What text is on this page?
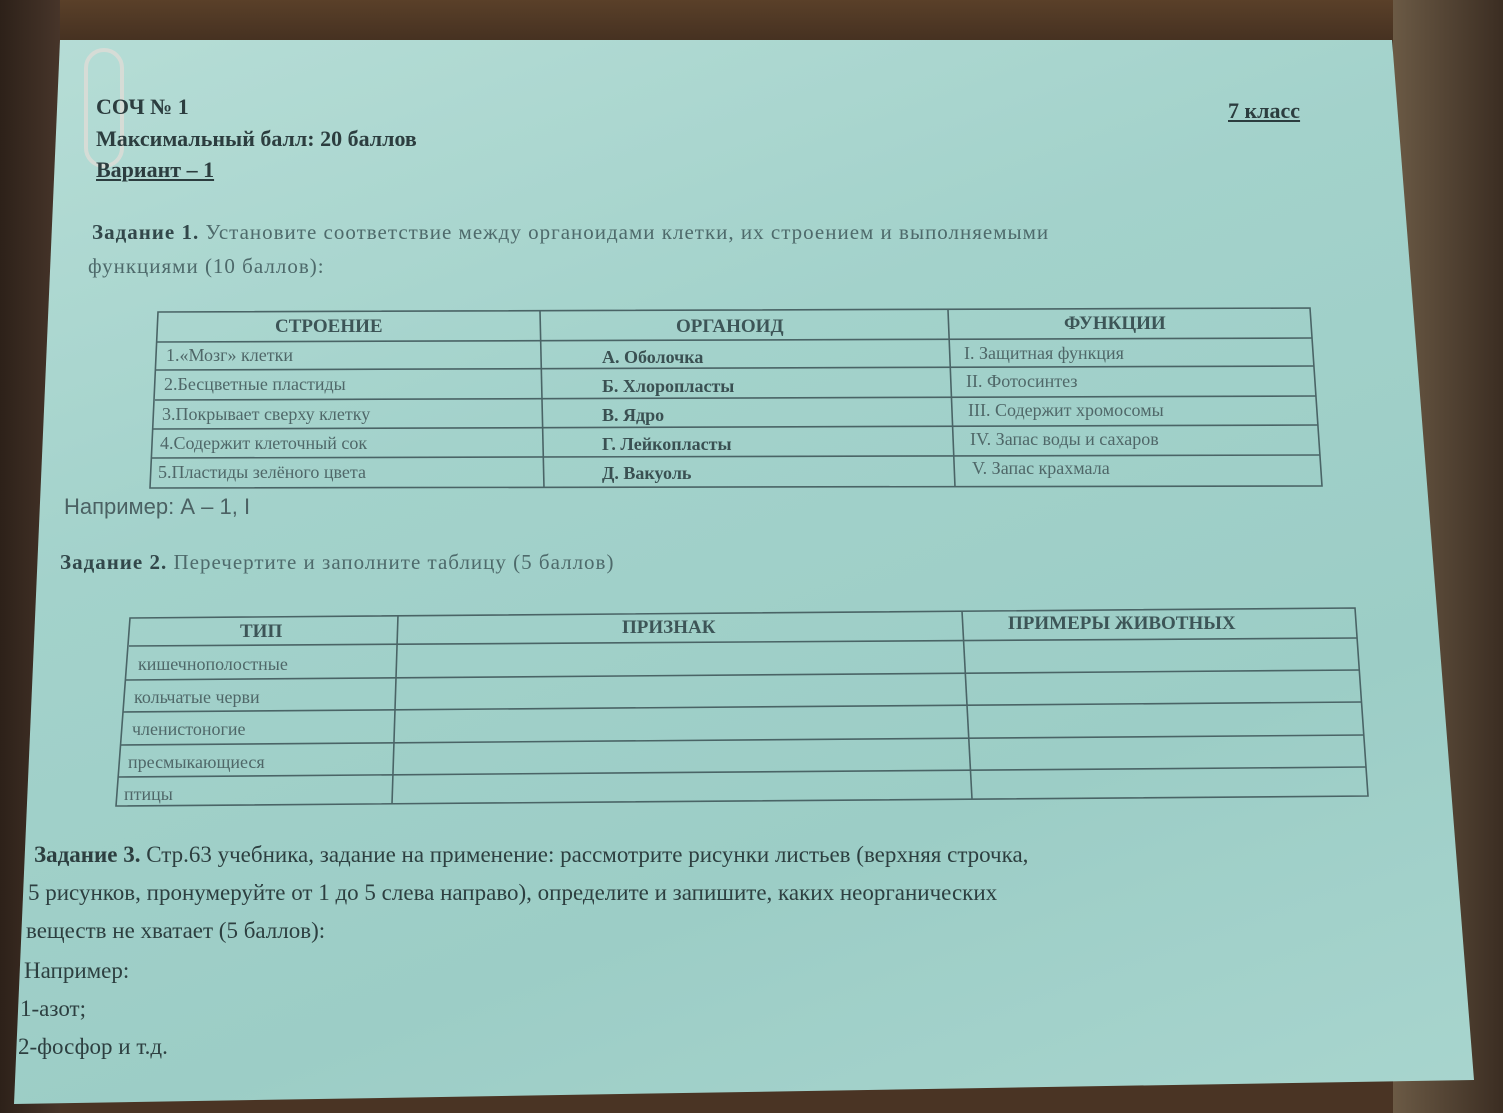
СОЧ № 1	7 класс
Максимальный балл: 20 баллов
Вариант – 1
Задание 1. Установите соответствие между органоидами клетки, их строением и выполняемыми
функциями (10 баллов):
СТРОЕНИЕ	ОРГАНОИД	ФУНКЦИИ
1.«Мозг» клетки	А. Оболочка	I. Защитная функция
2.Бесцветные пластиды	Б. Хлоропласты	II. Фотосинтез
3.Покрывает сверху клетку	В. Ядро	III. Содержит хромосомы
4.Содержит клеточный сок	Г. Лейкопласты	IV. Запас воды и сахаров
5.Пластиды зелёного цвета	Д. Вакуоль	V. Запас крахмала
Например: А – 1, I
Задание 2. Перечертите и заполните таблицу (5 баллов)
ТИП	ПРИЗНАК	ПРИМЕРЫ ЖИВОТНЫХ
кишечнополостные
кольчатые черви
членистоногие
пресмыкающиеся
птицы
Задание 3. Стр.63 учебника, задание на применение: рассмотрите рисунки листьев (верхняя строчка,
5 рисунков, пронумеруйте от 1 до 5 слева направо), определите и запишите, каких неорганических
веществ не хватает (5 баллов):
Например:
1-азот;
2-фосфор и т.д.
